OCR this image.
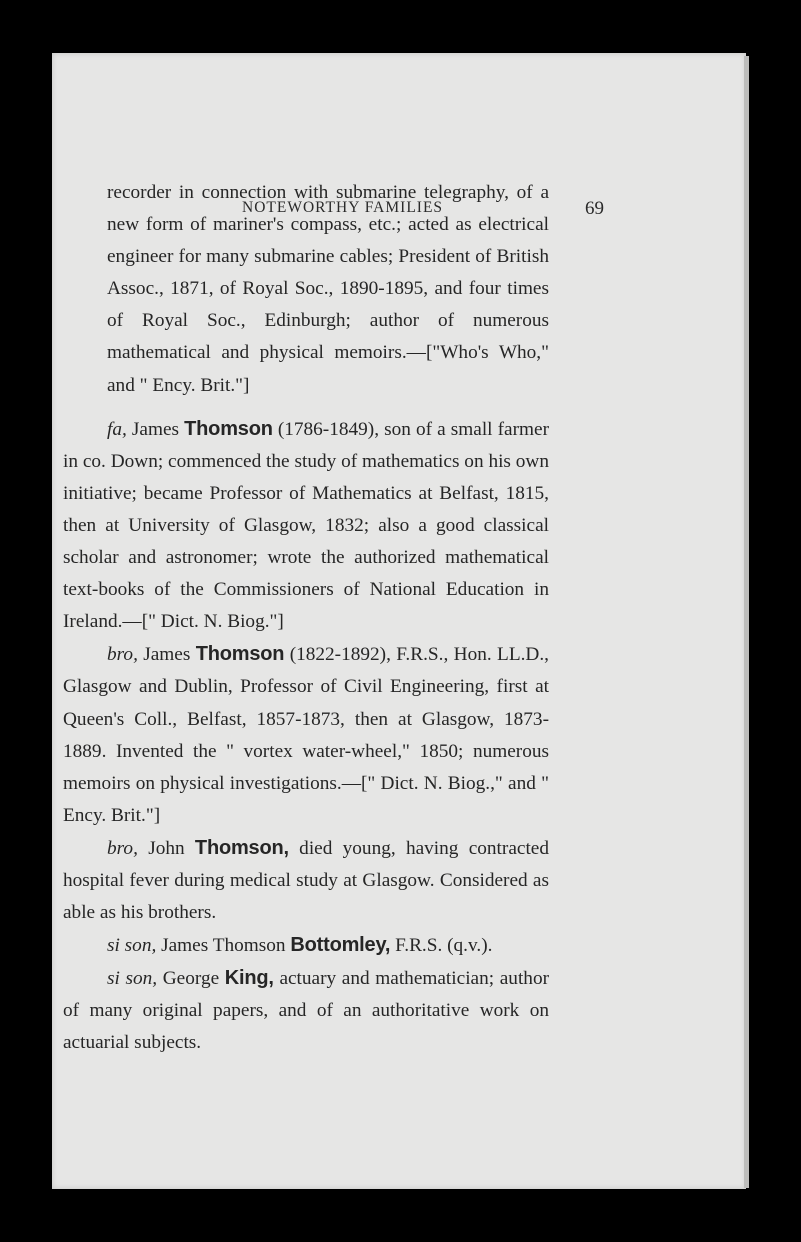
NOTEWORTHY FAMILIES	69

recorder in connection with submarine telegraphy, of a new form of mariner's compass, etc.; acted as electrical engineer for many submarine cables; President of British Assoc., 1871, of Royal Soc., 1890-1895, and four times of Royal Soc., Edinburgh; author of numerous mathematical and physical memoirs.—["Who's Who," and " Ency. Brit."]

fa, James Thomson (1786-1849), son of a small farmer in co. Down; commenced the study of mathematics on his own initiative; became Professor of Mathematics at Belfast, 1815, then at University of Glasgow, 1832; also a good classical scholar and astronomer; wrote the authorized mathematical text-books of the Commissioners of National Education in Ireland.—[" Dict. N. Biog."]

bro, James Thomson (1822-1892), F.R.S., Hon. LL.D., Glasgow and Dublin, Professor of Civil Engineering, first at Queen's Coll., Belfast, 1857-1873, then at Glasgow, 1873-1889. Invented the " vortex water-wheel," 1850; numerous memoirs on physical investigations.—[" Dict. N. Biog.," and " Ency. Brit."]

bro, John Thomson, died young, having contracted hospital fever during medical study at Glasgow. Considered as able as his brothers.

si son, James Thomson Bottomley, F.R.S. (q.v.).

si son, George King, actuary and mathematician; author of many original papers, and of an authoritative work on actuarial subjects.
